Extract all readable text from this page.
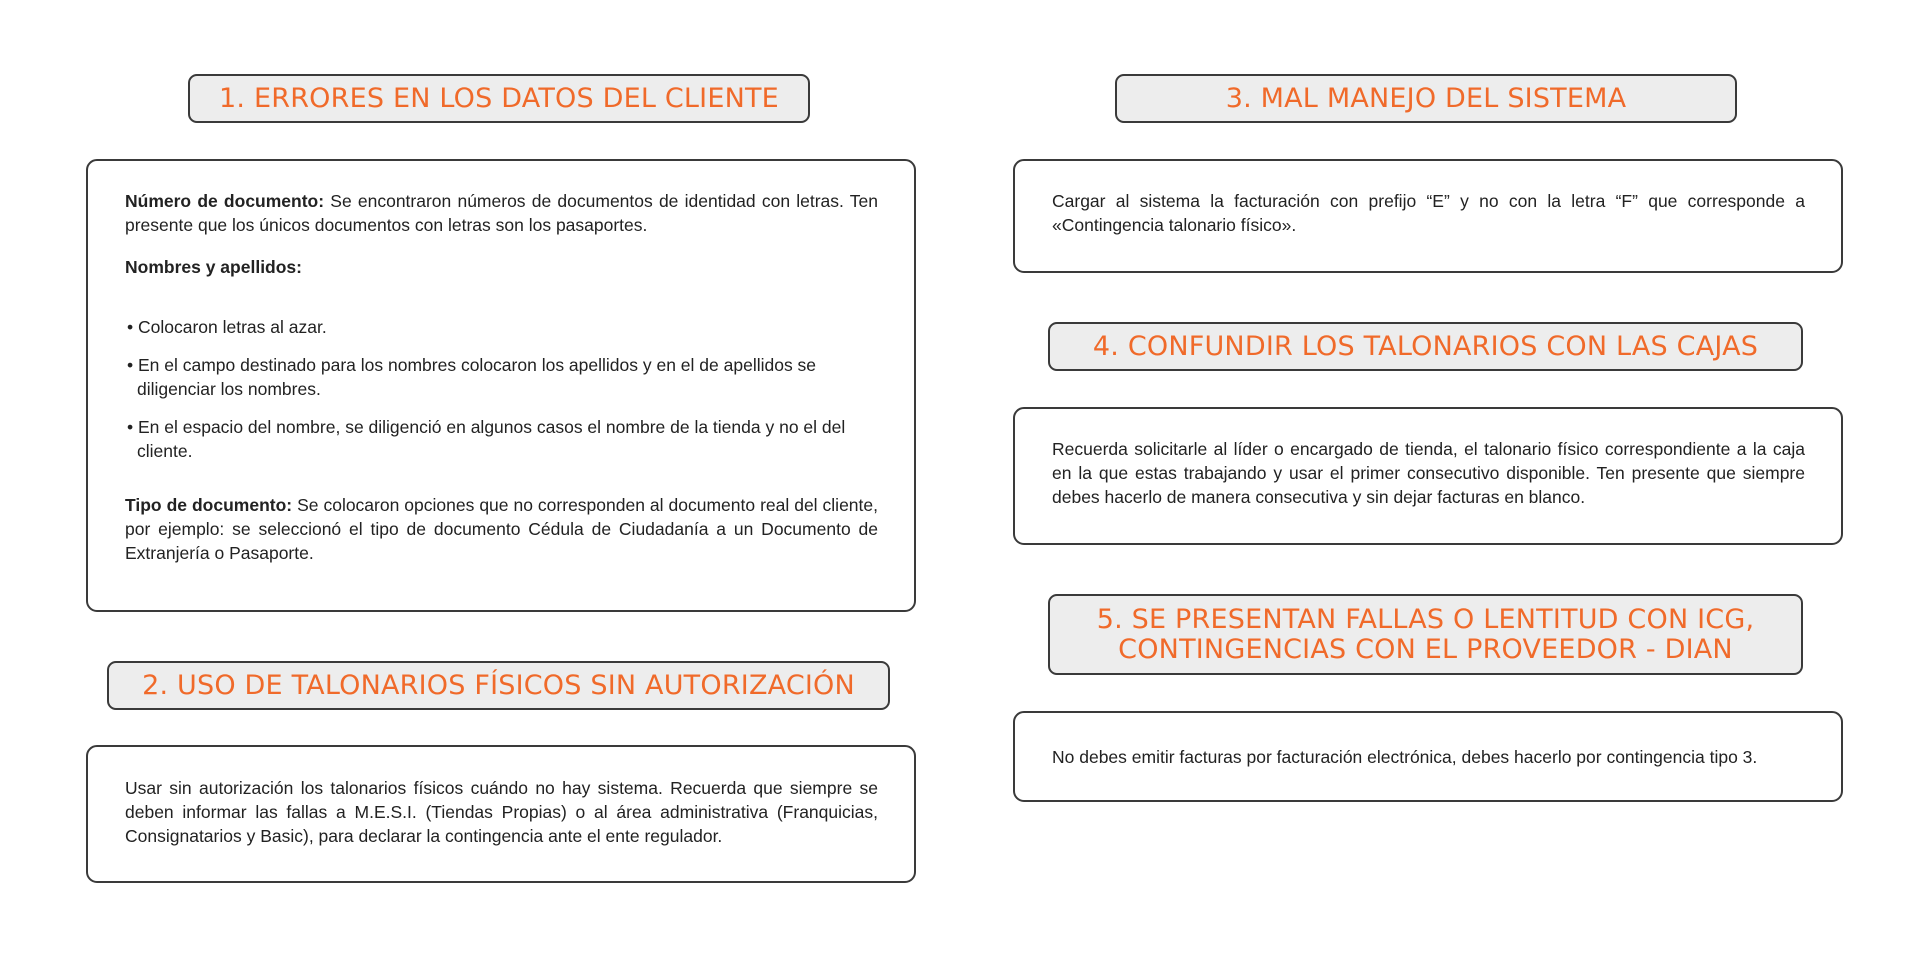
1. ERRORES EN LOS DATOS DEL CLIENTE

Número de documento: Se encontraron números de documentos de identidad con letras. Ten presente que los únicos documentos con letras son los pasaportes.

Nombres y apellidos:

• Colocaron letras al azar.
• En el campo destinado para los nombres colocaron los apellidos y en el de apellidos se diligenciar los nombres.
• En el espacio del nombre, se diligenció en algunos casos el nombre de la tienda y no el del cliente.

Tipo de documento: Se colocaron opciones que no corresponden al documento real del cliente, por ejemplo: se seleccionó el tipo de documento Cédula de Ciudadanía a un Documento de Extranjería o Pasaporte.

2. USO DE TALONARIOS FÍSICOS SIN AUTORIZACIÓN

Usar sin autorización los talonarios físicos cuándo no hay sistema. Recuerda que siempre se deben informar las fallas a M.E.S.I. (Tiendas Propias) o al área administrativa (Franquicias, Consignatarios y Basic), para declarar la contingencia ante el ente regulador.

3. MAL MANEJO DEL SISTEMA

Cargar al sistema la facturación con prefijo “E” y no con la letra “F” que corresponde a «Contingencia talonario físico».

4. CONFUNDIR LOS TALONARIOS CON LAS CAJAS

Recuerda solicitarle al líder o encargado de tienda, el talonario físico correspondiente a la caja en la que estas trabajando y usar el primer consecutivo disponible. Ten presente que siempre debes hacerlo de manera consecutiva y sin dejar facturas en blanco.

5. SE PRESENTAN FALLAS O LENTITUD CON ICG,
CONTINGENCIAS CON EL PROVEEDOR - DIAN

No debes emitir facturas por facturación electrónica, debes hacerlo por contingencia tipo 3.
